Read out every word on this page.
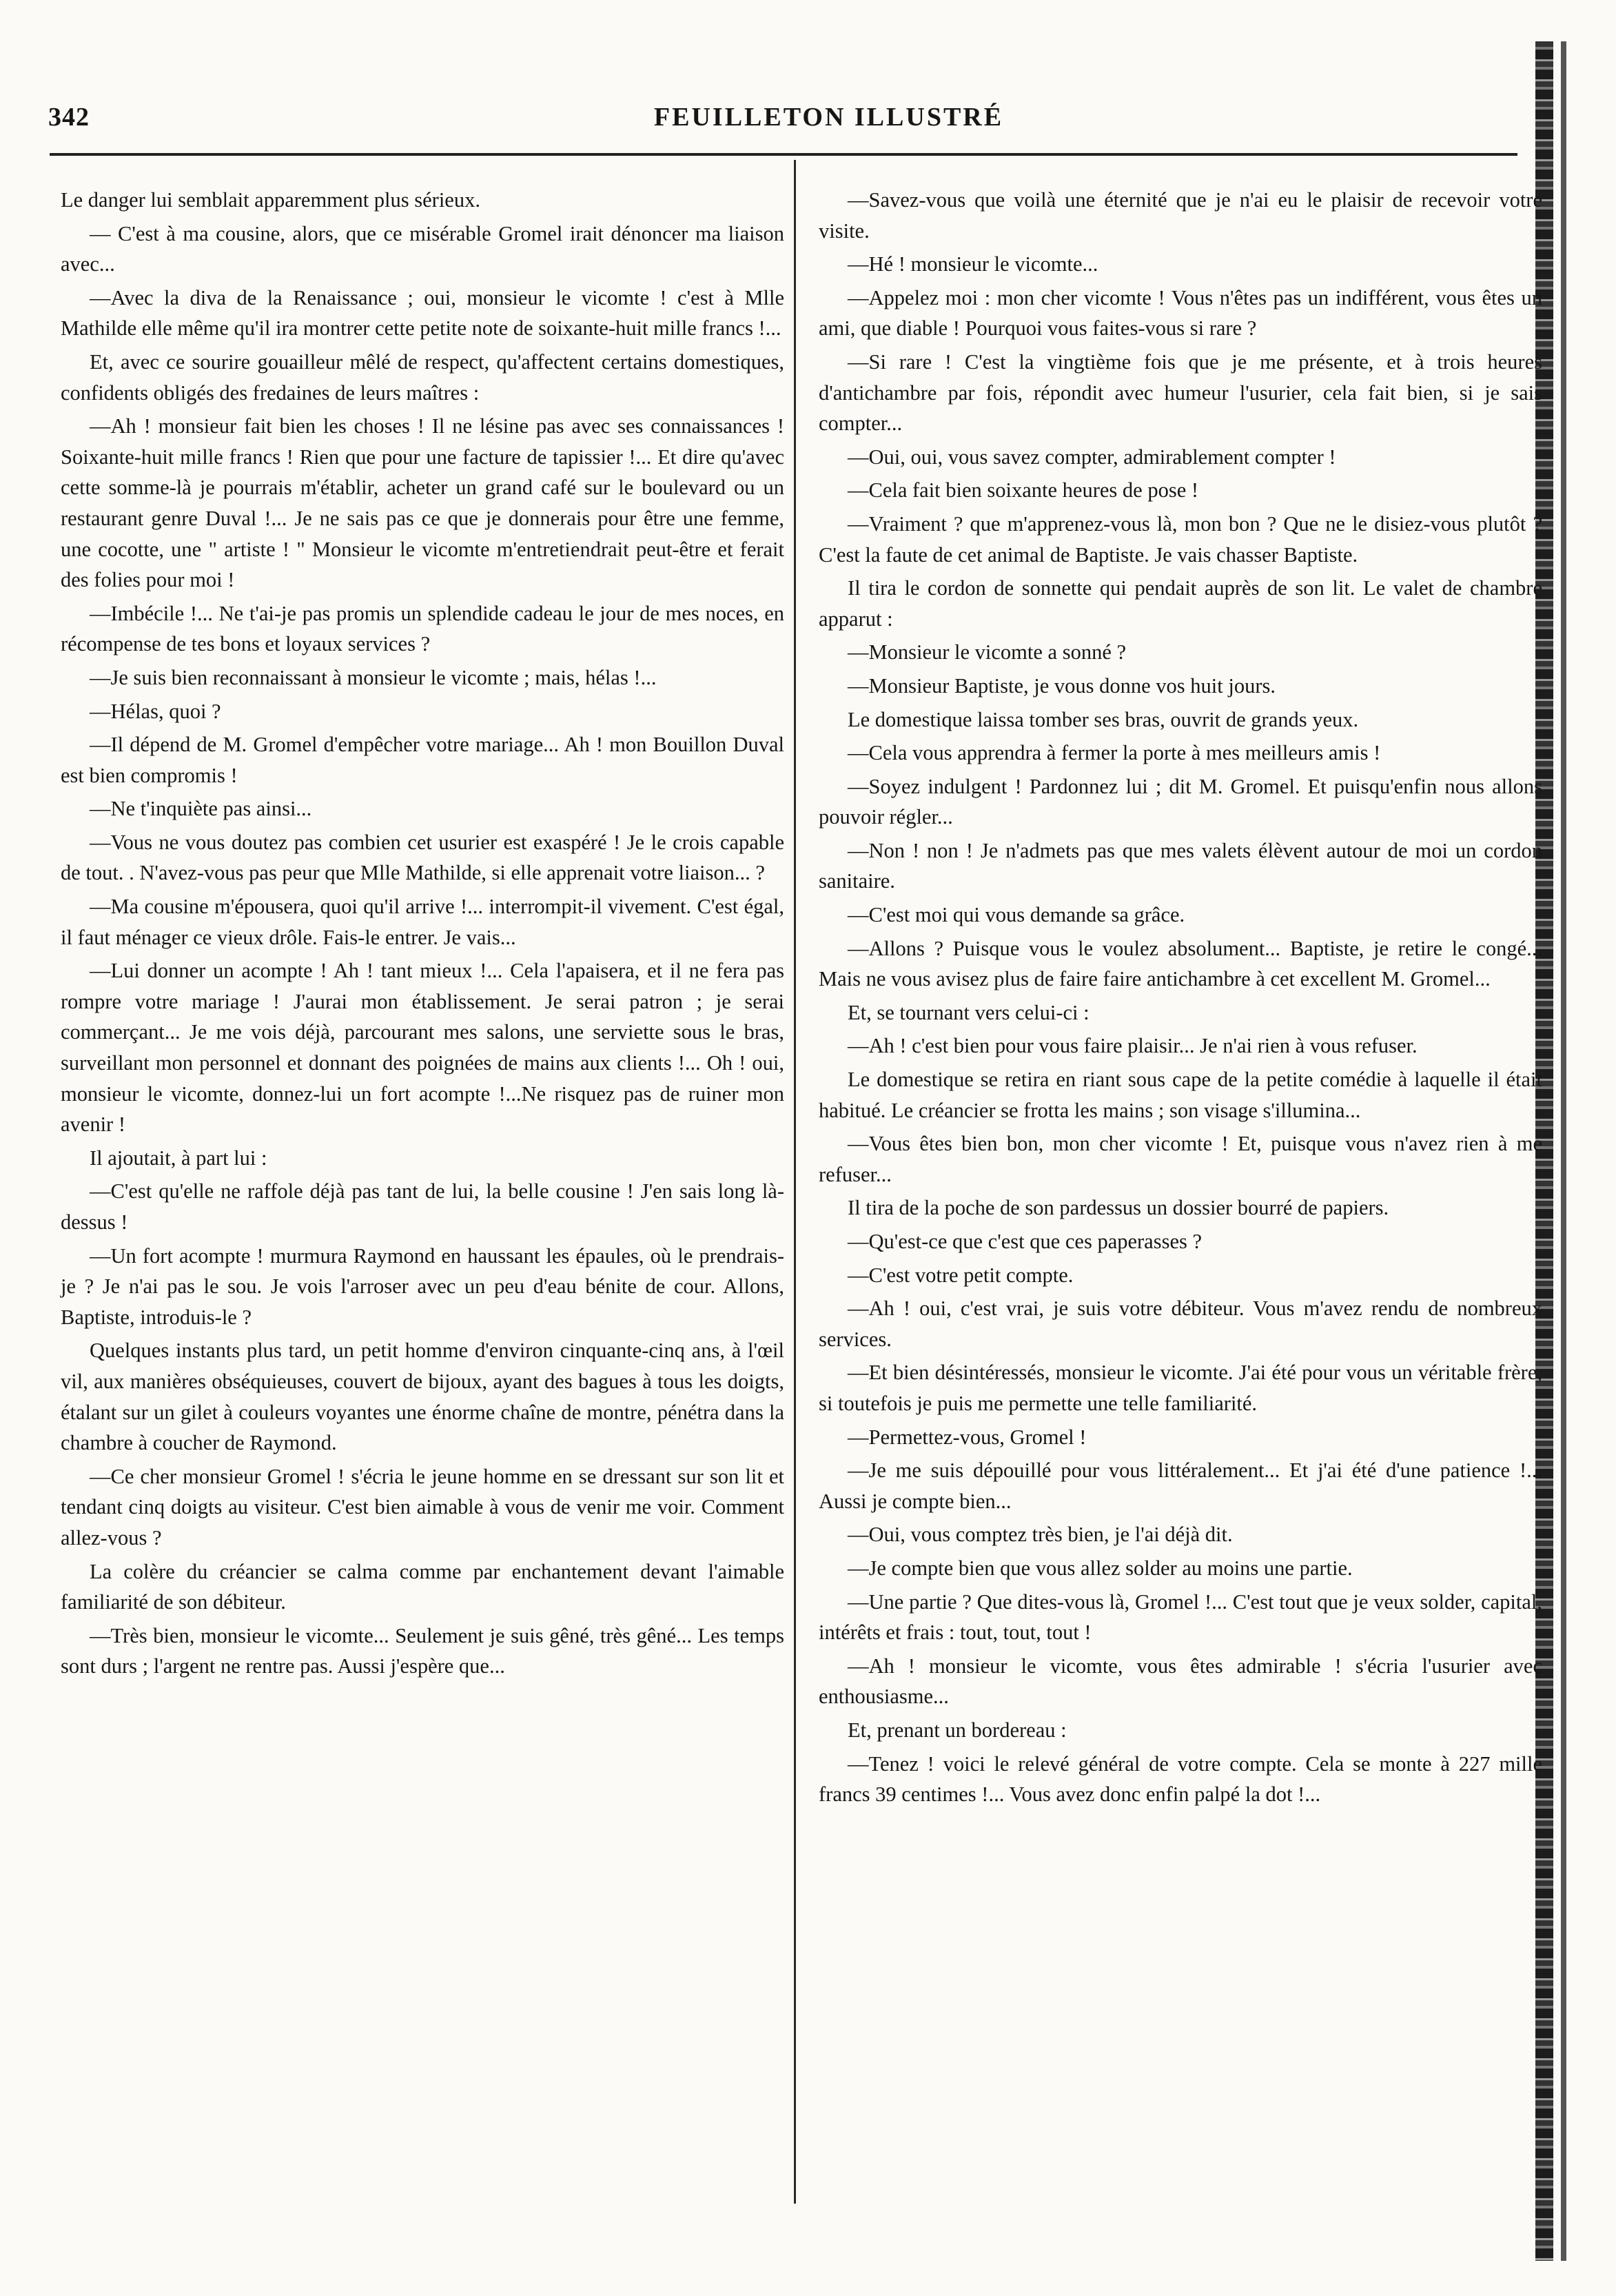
342	FEUILLETON ILLUSTRÉ

Le danger lui semblait apparemment plus sérieux.

— C'est à ma cousine, alors, que ce misérable Gromel irait dénoncer ma liaison avec...

—Avec la diva de la Renaissance ; oui, monsieur le vicomte ! c'est à Mlle Mathilde elle même qu'il ira montrer cette petite note de soixante-huit mille francs !...

Et, avec ce sourire gouailleur mêlé de respect, qu'affectent certains domestiques, confidents obligés des fredaines de leurs maîtres :

—Ah ! monsieur fait bien les choses ! Il ne lésine pas avec ses connaissances ! Soixante-huit mille francs ! Rien que pour une facture de tapissier !... Et dire qu'avec cette somme-là je pourrais m'établir, acheter un grand café sur le boulevard ou un restaurant genre Duval !... Je ne sais pas ce que je donnerais pour être une femme, une cocotte, une " artiste ! " Monsieur le vicomte m'entretiendrait peut-être et ferait des folies pour moi !

—Imbécile !... Ne t'ai-je pas promis un splendide cadeau le jour de mes noces, en récompense de tes bons et loyaux services ?

—Je suis bien reconnaissant à monsieur le vicomte ; mais, hélas !...

—Hélas, quoi ?

—Il dépend de M. Gromel d'empêcher votre mariage... Ah ! mon Bouillon Duval est bien compromis !

—Ne t'inquiète pas ainsi...

—Vous ne vous doutez pas combien cet usurier est exaspéré ! Je le crois capable de tout. . N'avez-vous pas peur que Mlle Mathilde, si elle apprenait votre liaison... ?

—Ma cousine m'épousera, quoi qu'il arrive !... interrompit-il vivement. C'est égal, il faut ménager ce vieux drôle. Fais-le entrer. Je vais...

—Lui donner un acompte ! Ah ! tant mieux !... Cela l'apaisera, et il ne fera pas rompre votre mariage ! J'aurai mon établissement. Je serai patron ; je serai commerçant... Je me vois déjà, parcourant mes salons, une serviette sous le bras, surveillant mon personnel et donnant des poignées de mains aux clients !... Oh ! oui, monsieur le vicomte, donnez-lui un fort acompte !...Ne risquez pas de ruiner mon avenir !

Il ajoutait, à part lui :

—C'est qu'elle ne raffole déjà pas tant de lui, la belle cousine ! J'en sais long là-dessus !

—Un fort acompte ! murmura Raymond en haussant les épaules, où le prendrais-je ? Je n'ai pas le sou. Je vois l'arroser avec un peu d'eau bénite de cour. Allons, Baptiste, introduis-le ?

Quelques instants plus tard, un petit homme d'environ cinquante-cinq ans, à l'œil vil, aux manières obséquieuses, couvert de bijoux, ayant des bagues à tous les doigts, étalant sur un gilet à couleurs voyantes une énorme chaîne de montre, pénétra dans la chambre à coucher de Raymond.

—Ce cher monsieur Gromel ! s'écria le jeune homme en se dressant sur son lit et tendant cinq doigts au visiteur. C'est bien aimable à vous de venir me voir. Comment allez-vous ?

La colère du créancier se calma comme par enchantement devant l'aimable familiarité de son débiteur.

—Très bien, monsieur le vicomte... Seulement je suis gêné, très gêné... Les temps sont durs ; l'argent ne rentre pas. Aussi j'espère que...

—Savez-vous que voilà une éternité que je n'ai eu le plaisir de recevoir votre visite.

—Hé ! monsieur le vicomte...

—Appelez moi : mon cher vicomte ! Vous n'êtes pas un indifférent, vous êtes un ami, que diable ! Pourquoi vous faites-vous si rare ?

—Si rare ! C'est la vingtième fois que je me présente, et à trois heures d'antichambre par fois, répondit avec humeur l'usurier, cela fait bien, si je sais compter...

—Oui, oui, vous savez compter, admirablement compter !

—Cela fait bien soixante heures de pose !

—Vraiment ? que m'apprenez-vous là, mon bon ? Que ne le disiez-vous plutôt ? C'est la faute de cet animal de Baptiste. Je vais chasser Baptiste.

Il tira le cordon de sonnette qui pendait auprès de son lit. Le valet de chambre apparut :

—Monsieur le vicomte a sonné ?

—Monsieur Baptiste, je vous donne vos huit jours.

Le domestique laissa tomber ses bras, ouvrit de grands yeux.

—Cela vous apprendra à fermer la porte à mes meilleurs amis !

—Soyez indulgent ! Pardonnez lui ; dit M. Gromel. Et puisqu'enfin nous allons pouvoir régler...

—Non ! non ! Je n'admets pas que mes valets élèvent autour de moi un cordon sanitaire.

—C'est moi qui vous demande sa grâce.

—Allons ? Puisque vous le voulez absolument... Baptiste, je retire le congé... Mais ne vous avisez plus de faire faire antichambre à cet excellent M. Gromel...

Et, se tournant vers celui-ci :

—Ah ! c'est bien pour vous faire plaisir... Je n'ai rien à vous refuser.

Le domestique se retira en riant sous cape de la petite comédie à laquelle il était habitué. Le créancier se frotta les mains ; son visage s'illumina...

—Vous êtes bien bon, mon cher vicomte ! Et, puisque vous n'avez rien à me refuser...

Il tira de la poche de son pardessus un dossier bourré de papiers.

—Qu'est-ce que c'est que ces paperasses ?

—C'est votre petit compte.

—Ah ! oui, c'est vrai, je suis votre débiteur. Vous m'avez rendu de nombreux services.

—Et bien désintéressés, monsieur le vicomte. J'ai été pour vous un véritable frère, si toutefois je puis me permette une telle familiarité.

—Permettez-vous, Gromel !

—Je me suis dépouillé pour vous littéralement... Et j'ai été d'une patience !... Aussi je compte bien...

—Oui, vous comptez très bien, je l'ai déjà dit.

—Je compte bien que vous allez solder au moins une partie.

—Une partie ? Que dites-vous là, Gromel !... C'est tout que je veux solder, capital, intérêts et frais : tout, tout, tout !

—Ah ! monsieur le vicomte, vous êtes admirable ! s'écria l'usurier avec enthousiasme...

Et, prenant un bordereau :

—Tenez ! voici le relevé général de votre compte. Cela se monte à 227 mille francs 39 centimes !... Vous avez donc enfin palpé la dot !...
